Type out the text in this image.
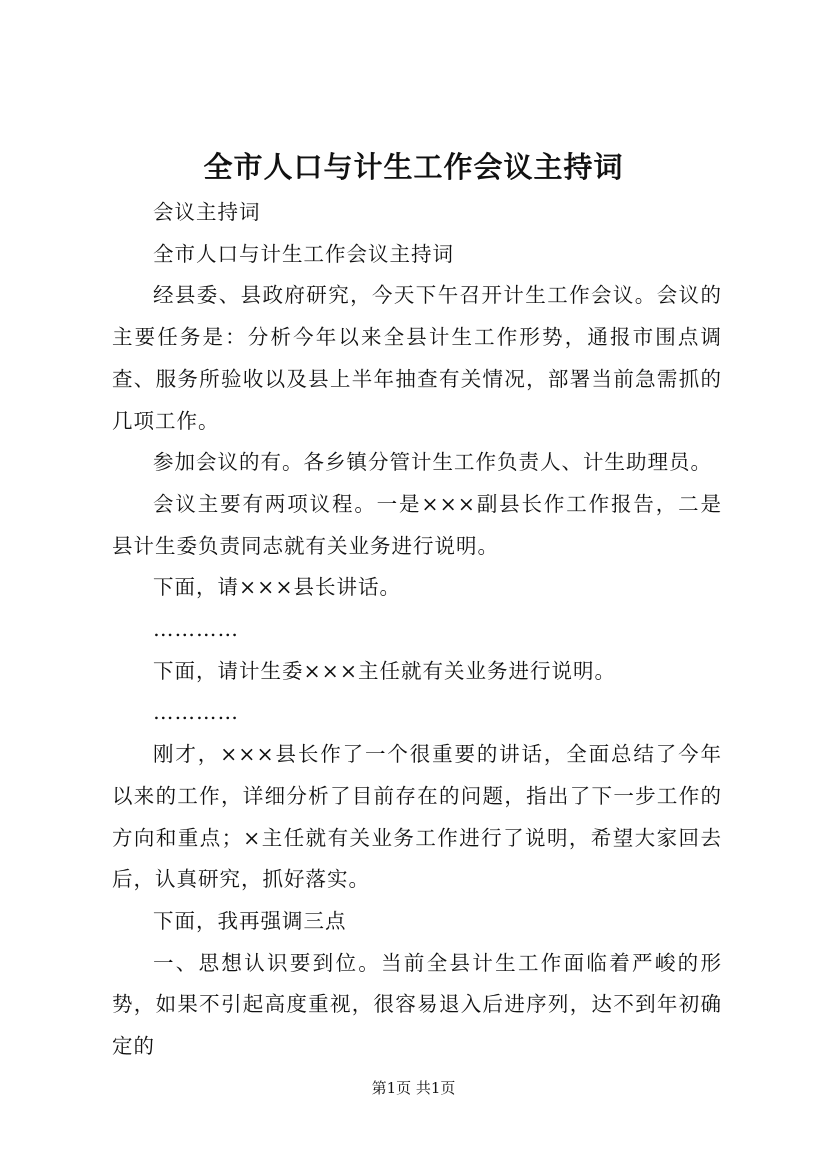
全市人口与计生工作会议主持词

会议主持词

全市人口与计生工作会议主持词

经县委、县政府研究，今天下午召开计生工作会议。会议的主要任务是：分析今年以来全县计生工作形势，通报市围点调查、服务所验收以及县上半年抽查有关情况，部署当前急需抓的几项工作。

参加会议的有。各乡镇分管计生工作负责人、计生助理员。

会议主要有两项议程。一是×××副县长作工作报告，二是县计生委负责同志就有关业务进行说明。

下面，请×××县长讲话。

…………

下面，请计生委×××主任就有关业务进行说明。

…………

刚才，×××县长作了一个很重要的讲话，全面总结了今年以来的工作，详细分析了目前存在的问题，指出了下一步工作的方向和重点；×主任就有关业务工作进行了说明，希望大家回去后，认真研究，抓好落实。

下面，我再强调三点

一、思想认识要到位。当前全县计生工作面临着严峻的形势，如果不引起高度重视，很容易退入后进序列，达不到年初确定的

第1页 共1页
